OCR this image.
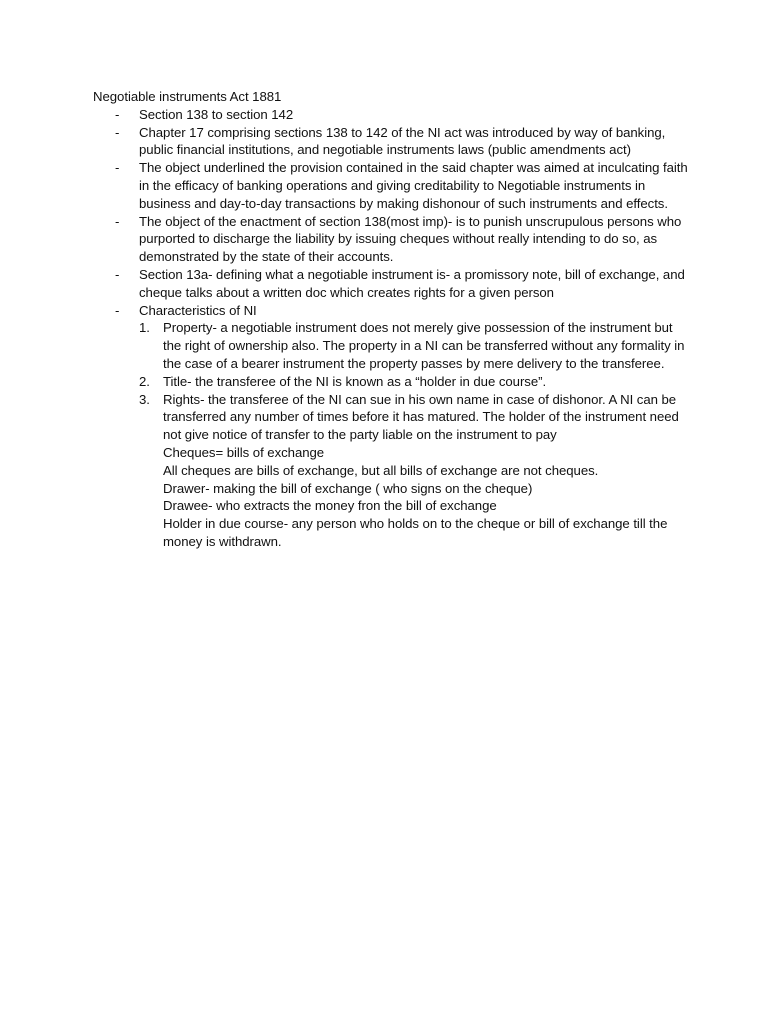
Negotiable instruments Act 1881

- Section 138 to section 142
- Chapter 17 comprising sections 138 to 142 of the NI act was introduced by way of banking, public financial institutions, and negotiable instruments laws (public amendments act)
- The object underlined the provision contained in the said chapter was aimed at inculcating faith in the efficacy of banking operations and giving creditability to Negotiable instruments in business and day-to-day transactions by making dishonour of such instruments and effects.
- The object of the enactment of section 138(most imp)- is to punish unscrupulous persons who purported to discharge the liability by issuing cheques without really intending to do so, as demonstrated by the state of their accounts.
- Section 13a- defining what a negotiable instrument is- a promissory note, bill of exchange, and cheque talks about a written doc which creates rights for a given person
- Characteristics of NI
1. Property- a negotiable instrument does not merely give possession of the instrument but the right of ownership also. The property in a NI can be transferred without any formality in the case of a bearer instrument the property passes by mere delivery to the transferee.
2. Title- the transferee of the NI is known as a “holder in due course”.
3. Rights- the transferee of the NI can sue in his own name in case of dishonor. A NI can be transferred any number of times before it has matured. The holder of the instrument need not give notice of transfer to the party liable on the instrument to pay

Cheques= bills of exchange

All cheques are bills of exchange, but all bills of exchange are not cheques.

Drawer- making the bill of exchange ( who signs on the cheque)

Drawee- who extracts the money fron the bill of exchange

Holder in due course- any person who holds on to the cheque or bill of exchange till the money is withdrawn.
